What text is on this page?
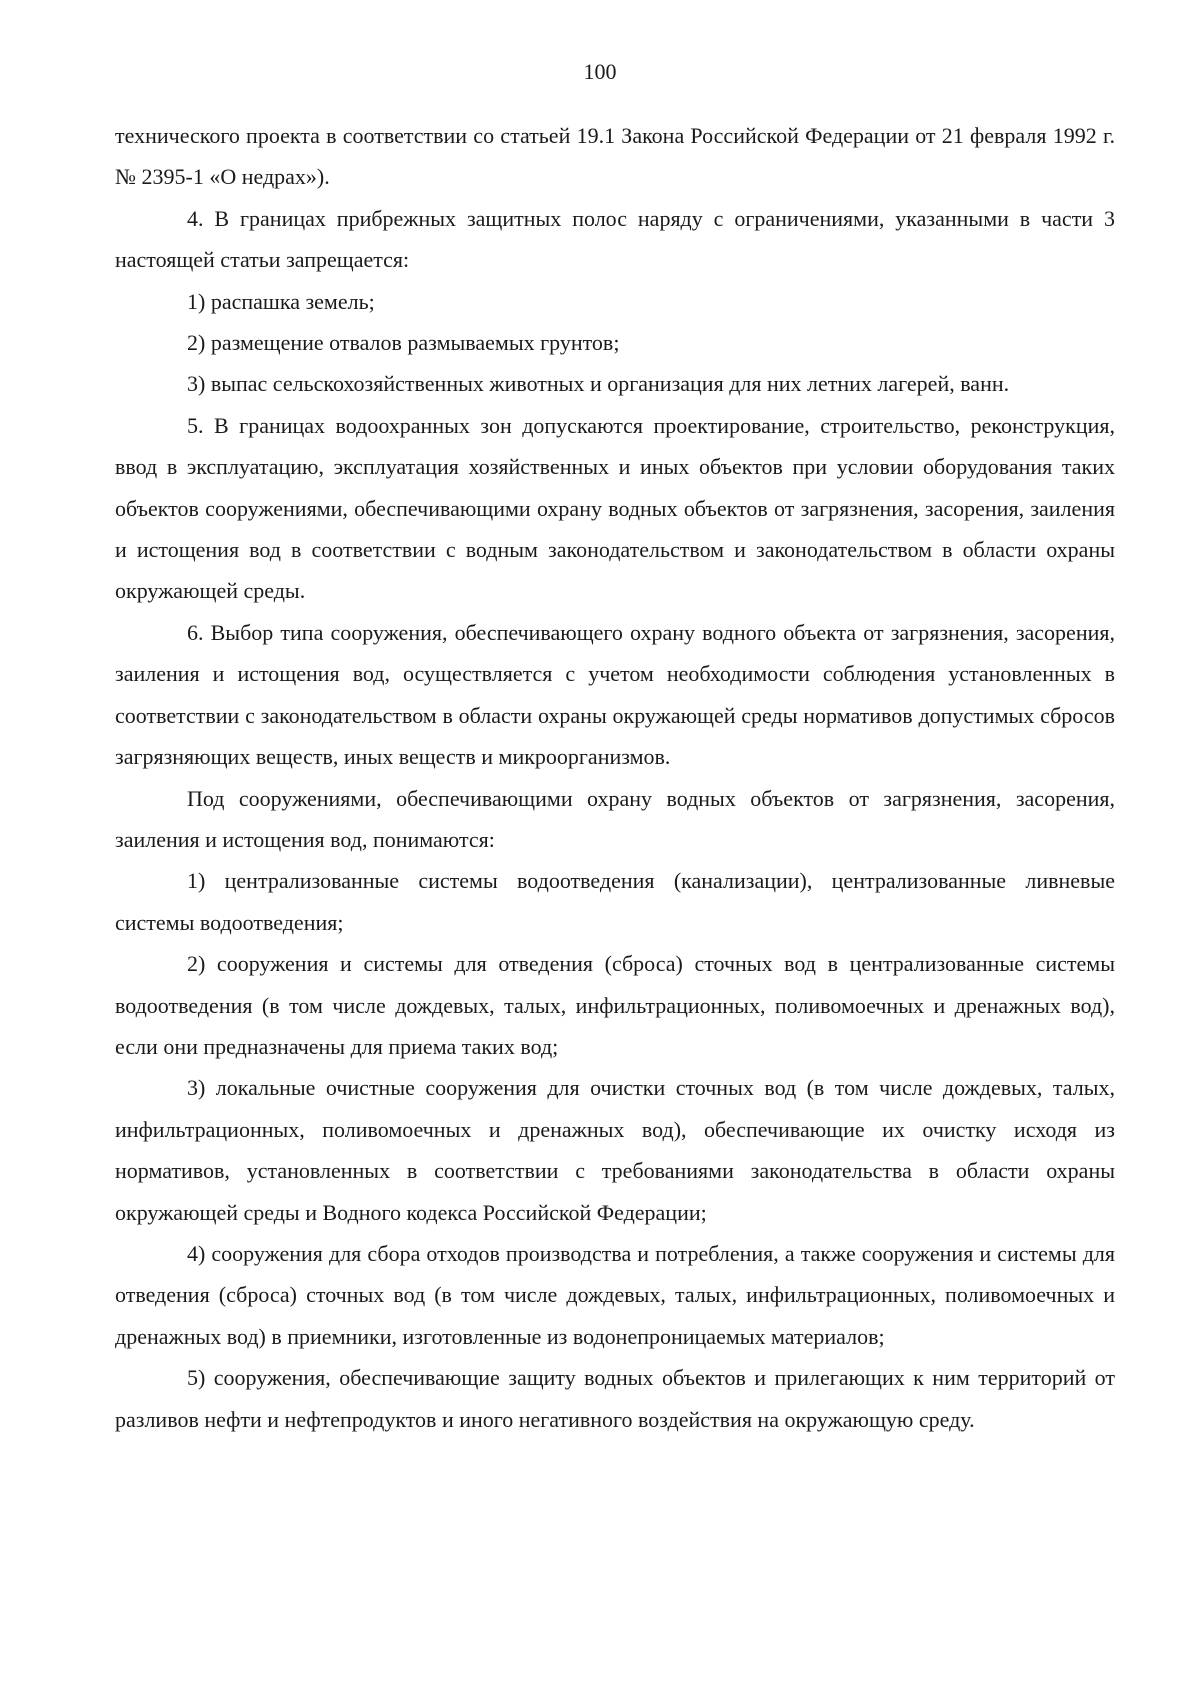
100

технического проекта в соответствии со статьей 19.1 Закона Российской Федерации от 21 февраля 1992 г. № 2395-1 «О недрах»).

4. В границах прибрежных защитных полос наряду с ограничениями, указанными в части 3 настоящей статьи запрещается:

1) распашка земель;

2) размещение отвалов размываемых грунтов;

3) выпас сельскохозяйственных животных и организация для них летних лагерей, ванн.

5. В границах водоохранных зон допускаются проектирование, строительство, реконструкция, ввод в эксплуатацию, эксплуатация хозяйственных и иных объектов при условии оборудования таких объектов сооружениями, обеспечивающими охрану водных объектов от загрязнения, засорения, заиления и истощения вод в соответствии с водным законодательством и законодательством в области охраны окружающей среды.

6. Выбор типа сооружения, обеспечивающего охрану водного объекта от загрязнения, засорения, заиления и истощения вод, осуществляется с учетом необходимости соблюдения установленных в соответствии с законодательством в области охраны окружающей среды нормативов допустимых сбросов загрязняющих веществ, иных веществ и микроорганизмов.

Под сооружениями, обеспечивающими охрану водных объектов от загрязнения, засорения, заиления и истощения вод, понимаются:

1) централизованные системы водоотведения (канализации), централизованные ливневые системы водоотведения;

2) сооружения и системы для отведения (сброса) сточных вод в централизованные системы водоотведения (в том числе дождевых, талых, инфильтрационных, поливомоечных и дренажных вод), если они предназначены для приема таких вод;

3) локальные очистные сооружения для очистки сточных вод (в том числе дождевых, талых, инфильтрационных, поливомоечных и дренажных вод), обеспечивающие их очистку исходя из нормативов, установленных в соответствии с требованиями законодательства в области охраны окружающей среды и Водного кодекса Российской Федерации;

4) сооружения для сбора отходов производства и потребления, а также сооружения и системы для отведения (сброса) сточных вод (в том числе дождевых, талых, инфильтрационных, поливомоечных и дренажных вод) в приемники, изготовленные из водонепроницаемых материалов;

5) сооружения, обеспечивающие защиту водных объектов и прилегающих к ним территорий от разливов нефти и нефтепродуктов и иного негативного воздействия на окружающую среду.
